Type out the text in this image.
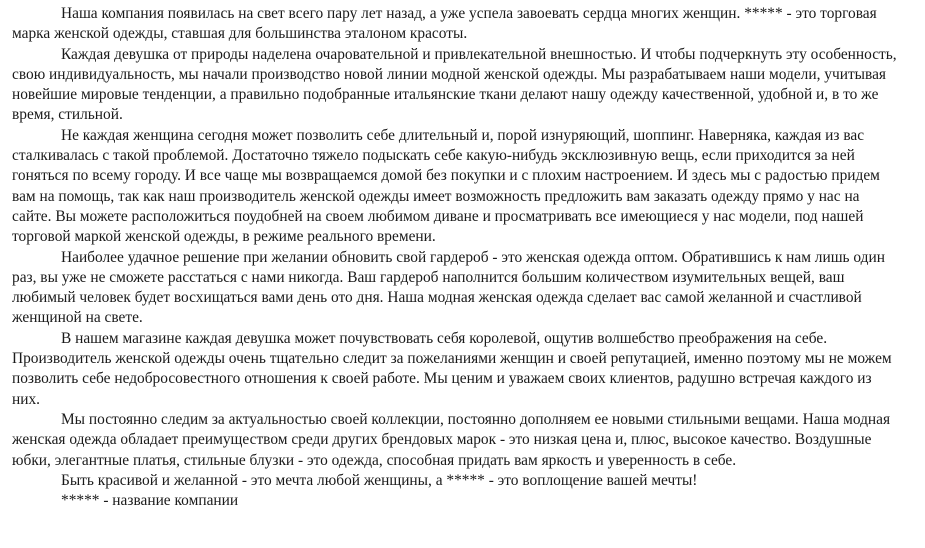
Наша компания появилась на свет всего пару лет назад, а уже успела завоевать сердца многих женщин. ***** - это торговая марка женской одежды, ставшая для большинства эталоном красоты.

Каждая девушка от природы наделена очаровательной и привлекательной внешностью. И чтобы подчеркнуть эту особенность, свою индивидуальность, мы начали производство новой линии модной женской одежды. Мы разрабатываем наши модели, учитывая новейшие мировые тенденции, а правильно подобранные итальянские ткани делают нашу одежду качественной, удобной и, в то же время, стильной.

Не каждая женщина сегодня может позволить себе длительный и, порой изнуряющий, шоппинг. Наверняка, каждая из вас сталкивалась с такой проблемой. Достаточно тяжело подыскать себе какую-нибудь эксклюзивную вещь, если приходится за ней гоняться по всему городу. И все чаще мы возвращаемся домой без покупки и с плохим настроением. И здесь мы с радостью придем вам на помощь, так как наш производитель женской одежды имеет возможность предложить вам заказать одежду прямо у нас на сайте. Вы можете расположиться поудобней на своем любимом диване и просматривать все имеющиеся у нас модели, под нашей торговой маркой женской одежды, в режиме реального времени.

Наиболее удачное решение при желании обновить свой гардероб - это женская одежда оптом. Обратившись к нам лишь один раз, вы уже не сможете расстаться с нами никогда. Ваш гардероб наполнится большим количеством изумительных вещей, ваш любимый человек будет восхищаться вами день ото дня. Наша модная женская одежда сделает вас самой желанной и счастливой женщиной на свете.

В нашем магазине каждая девушка может почувствовать себя королевой, ощутив волшебство преображения на себе. Производитель женской одежды очень тщательно следит за пожеланиями женщин и своей репутацией, именно поэтому мы не можем позволить себе недобросовестного отношения к своей работе. Мы ценим и уважаем своих клиентов, радушно встречая каждого из них.

Мы постоянно следим за актуальностью своей коллекции, постоянно дополняем ее новыми стильными вещами. Наша модная женская одежда обладает преимуществом среди других брендовых марок - это низкая цена и, плюс, высокое качество. Воздушные юбки, элегантные платья, стильные блузки - это одежда, способная придать вам яркость и уверенность в себе.

Быть красивой и желанной - это мечта любой женщины, а ***** - это воплощение вашей мечты!

***** - название компании
